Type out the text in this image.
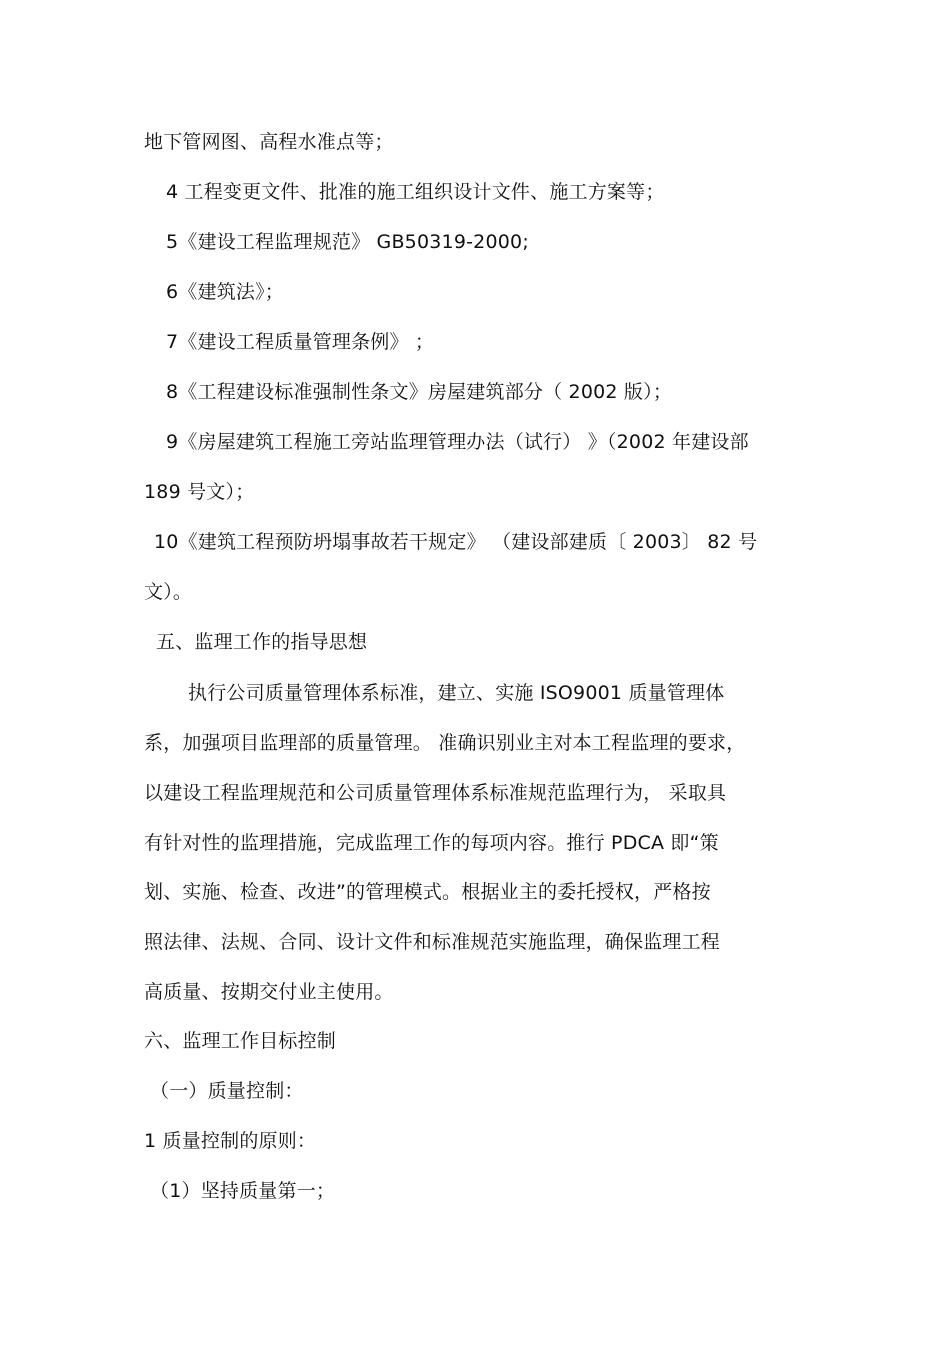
地下管网图、高程水准点等；
4 工程变更文件、批准的施工组织设计文件、施工方案等；
5《建设工程监理规范》 GB50319-2000;
6《建筑法》；
7《建设工程质量管理条例》 ；
8《工程建设标准强制性条文》房屋建筑部分（ 2002 版）；
9《房屋建筑工程施工旁站监理管理办法（试行） 》（2002 年建设部
189 号文）；
10《建筑工程预防坍塌事故若干规定》 （建设部建质〔 2003〕 82 号
文）。
五、监理工作的指导思想
执行公司质量管理体系标准，建立、实施 ISO9001 质量管理体
系，加强项目监理部的质量管理。 准确识别业主对本工程监理的要求，
以建设工程监理规范和公司质量管理体系标准规范监理行为， 采取具
有针对性的监理措施，完成监理工作的每项内容。推行 PDCA 即“策
划、实施、检查、改进”的管理模式。根据业主的委托授权，严格按
照法律、法规、合同、设计文件和标准规范实施监理，确保监理工程
高质量、按期交付业主使用。
六、监理工作目标控制
（一）质量控制：
1 质量控制的原则：
（1）坚持质量第一；
